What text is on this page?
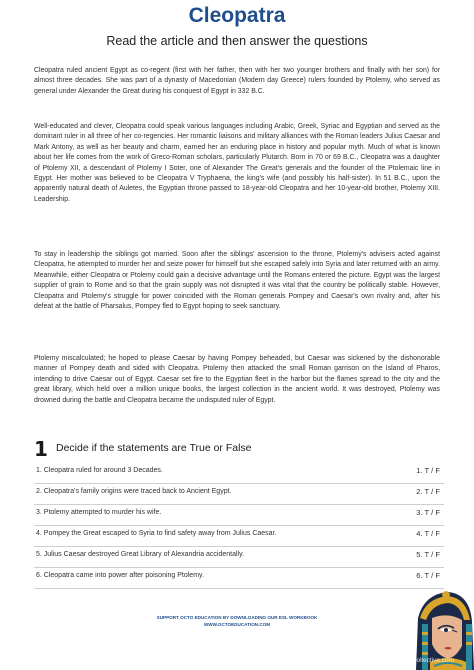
Cleopatra
Read the article and then answer the questions

Cleopatra ruled ancient Egypt as co-regent (first with her father, then with her two younger brothers and finally with her son) for almost three decades. She was part of a dynasty of Macedonian (Modern day Greece) rulers founded by Ptolemy, who served as general under Alexander the Great during his conquest of Egypt in 332 B.C.

Well-educated and clever, Cleopatra could speak various languages including Arabic, Greek, Syriac and Egyptian and served as the dominant ruler in all three of her co-regencies. Her romantic liaisons and military alliances with the Roman leaders Julius Caesar and Mark Antony, as well as her beauty and charm, earned her an enduring place in history and popular myth. Much of what is known about her life comes from the work of Greco-Roman scholars, particularly Plutarch. Born in 70 or 69 B.C., Cleopatra was a daughter of Ptolemy XII, a descendant of Ptolemy I Soter, one of Alexander The Great's generals and the founder of the Ptolemaic line in Egypt. Her mother was believed to be Cleopatra V Tryphaena, the king's wife (and possibly his half-sister). In 51 B.C., upon the apparently natural death of Auletes, the Egyptian throne passed to 18-year-old Cleopatra and her 10-year-old brother, Ptolemy XIII. Leadership.

To stay in leadership the siblings got married. Soon after the siblings' ascension to the throne, Ptolemy's advisers acted against Cleopatra, he attempted to murder her and seize power for himself but she escaped safely into Syria and later returned with an army. Meanwhile, either Cleopatra or Ptolemy could gain a decisive advantage until the Romans entered the picture. Egypt was the largest supplier of grain to Rome and so that the grain supply was not disrupted it was vital that the country be politically stable. However, Cleopatra and Ptolemy's struggle for power coincided with the Roman generals Pompey and Caesar's own rivalry and, after his defeat at the battle of Pharsalus, Pompey fled to Egypt hoping to seek sanctuary.

Ptolemy miscalculated; he hoped to please Caesar by having Pompey beheaded, but Caesar was sickened by the dishonorable manner of Pompey death and sided with Cleopatra. Ptolemy then attacked the small Roman garrison on the Island of Pharos, intending to drive Caesar out of Egypt. Caesar set fire to the Egyptian fleet in the harbor but the flames spread to the city and the great library, which held over a million unique books, the largest collection in the ancient world. It was destroyed, Ptolemy was drowned during the battle and Cleopatra became the undisputed ruler of Egypt.

1 Decide if the statements are True or False
1. Cleopatra ruled for around 3 Decades.	1. T / F
2. Cleopatra's family origins were traced back to Ancient Egypt.	2. T / F
3. Ptolemy attempted to murder his wife.	3. T / F
4. Pompey the Great escaped to Syria to find safety away from Julius Caesar.	4. T / F
5. Julius Caesar destroyed Great Library of Alexandria accidentally.	5. T / F
6. Cleopatra came into power after poisoning Ptolemy.	6. T / F
SUPPORT OCTO EDUCATION BY DOWNLOADING OUR ESL WORKBOOK
WWW.OCTOEDUCATION.COM
ISLCollective.com
